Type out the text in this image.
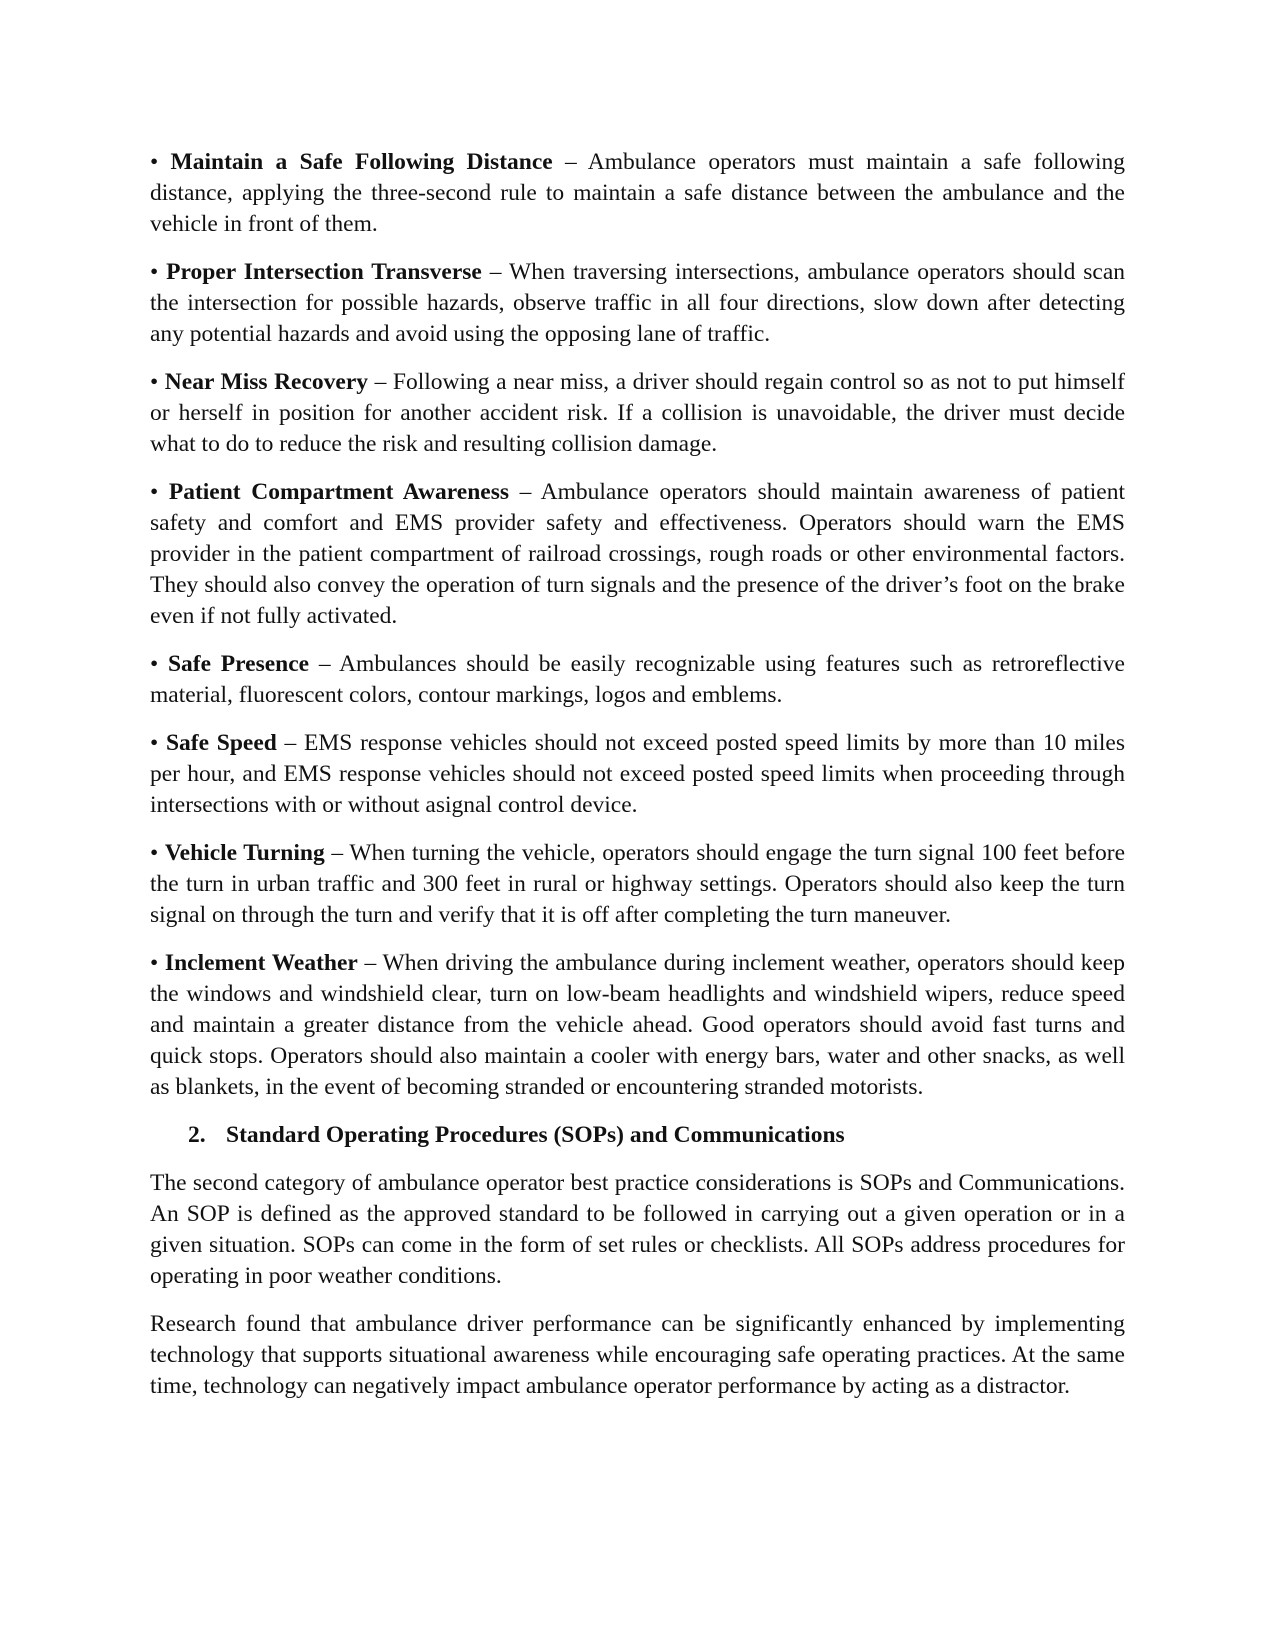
• Maintain a Safe Following Distance – Ambulance operators must maintain a safe following distance, applying the three-second rule to maintain a safe distance between the ambulance and the vehicle in front of them.

• Proper Intersection Transverse – When traversing intersections, ambulance operators should scan the intersection for possible hazards, observe traffic in all four directions, slow down after detecting any potential hazards and avoid using the opposing lane of traffic.

• Near Miss Recovery – Following a near miss, a driver should regain control so as not to put himself or herself in position for another accident risk. If a collision is unavoidable, the driver must decide what to do to reduce the risk and resulting collision damage.

• Patient Compartment Awareness – Ambulance operators should maintain awareness of patient safety and comfort and EMS provider safety and effectiveness. Operators should warn the EMS provider in the patient compartment of railroad crossings, rough roads or other environmental factors. They should also convey the operation of turn signals and the presence of the driver’s foot on the brake even if not fully activated.

• Safe Presence – Ambulances should be easily recognizable using features such as retroreflective material, fluorescent colors, contour markings, logos and emblems.

• Safe Speed – EMS response vehicles should not exceed posted speed limits by more than 10 miles per hour, and EMS response vehicles should not exceed posted speed limits when proceeding through intersections with or without asignal control device.

• Vehicle Turning – When turning the vehicle, operators should engage the turn signal 100 feet before the turn in urban traffic and 300 feet in rural or highway settings. Operators should also keep the turn signal on through the turn and verify that it is off after completing the turn maneuver.

• Inclement Weather – When driving the ambulance during inclement weather, operators should keep the windows and windshield clear, turn on low-beam headlights and windshield wipers, reduce speed and maintain a greater distance from the vehicle ahead. Good operators should avoid fast turns and quick stops. Operators should also maintain a cooler with energy bars, water and other snacks, as well as blankets, in the event of becoming stranded or encountering stranded motorists.

2. Standard Operating Procedures (SOPs) and Communications

The second category of ambulance operator best practice considerations is SOPs and Communications. An SOP is defined as the approved standard to be followed in carrying out a given operation or in a given situation. SOPs can come in the form of set rules or checklists. All SOPs address procedures for operating in poor weather conditions.

Research found that ambulance driver performance can be significantly enhanced by implementing technology that supports situational awareness while encouraging safe operating practices. At the same time, technology can negatively impact ambulance operator performance by acting as a distractor.
